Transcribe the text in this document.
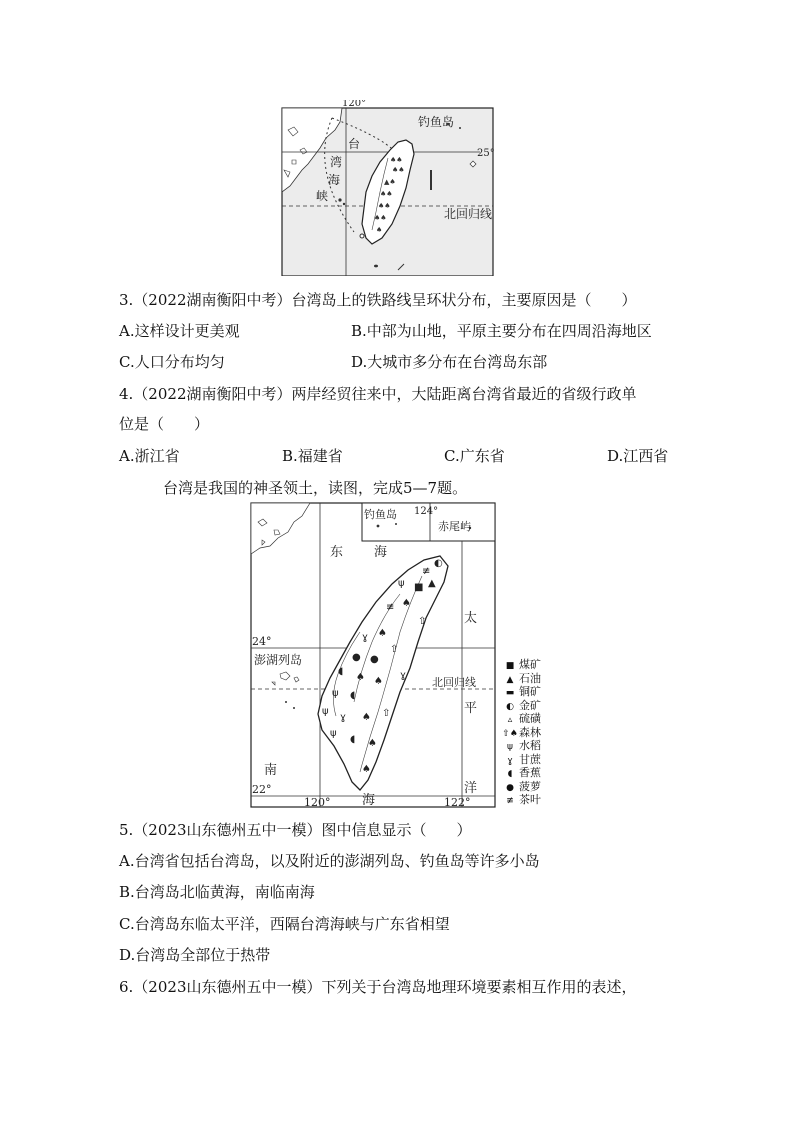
♠♠
♠♠
▲♠
♠♠
♠♠
♠♠
♠
120°
25°
钓鱼岛
台
湾
海
峡
北回归线
3.（2022湖南衡阳中考）台湾岛上的铁路线呈环状分布，主要原因是（　　）
A.这样设计更美观	B.中部为山地，平原主要分布在四周沿海地区
C.人口分布均匀	D.大城市多分布在台湾岛东部
4.（2022湖南衡阳中考）两岸经贸往来中，大陆距离台湾省最近的省级行政单
位是（　　）
A.浙江省	B.福建省	C.广东省	D.江西省
台湾是我国的神圣领土，读图，完成5—7题。
≢
◐
■ ▲
ψ
♠
≢
⇧
♠
ɣ
⇧
● ●
◖
♠ ♠
ɣ
ψ ◖
ψ
ɣ ♠ ⇧
ψ
◖ ♠
♠
钓鱼岛 124°
赤尾屿
东 海
太
平
洋
南
海
澎湖列岛
24°
22°
120°	122°
北回归线
■ 煤矿
▲ 石油
▬ 铜矿
◐ 金矿
▵ 硫磺
⇧♠森林
ψ 水稻
ɣ 甘蔗
◖ 香蕉
● 菠萝
≢ 茶叶
5.（2023山东德州五中一模）图中信息显示（　　）
A.台湾省包括台湾岛，以及附近的澎湖列岛、钓鱼岛等许多小岛
B.台湾岛北临黄海，南临南海
C.台湾岛东临太平洋，西隔台湾海峡与广东省相望
D.台湾岛全部位于热带
6.（2023山东德州五中一模）下列关于台湾岛地理环境要素相互作用的表述，
